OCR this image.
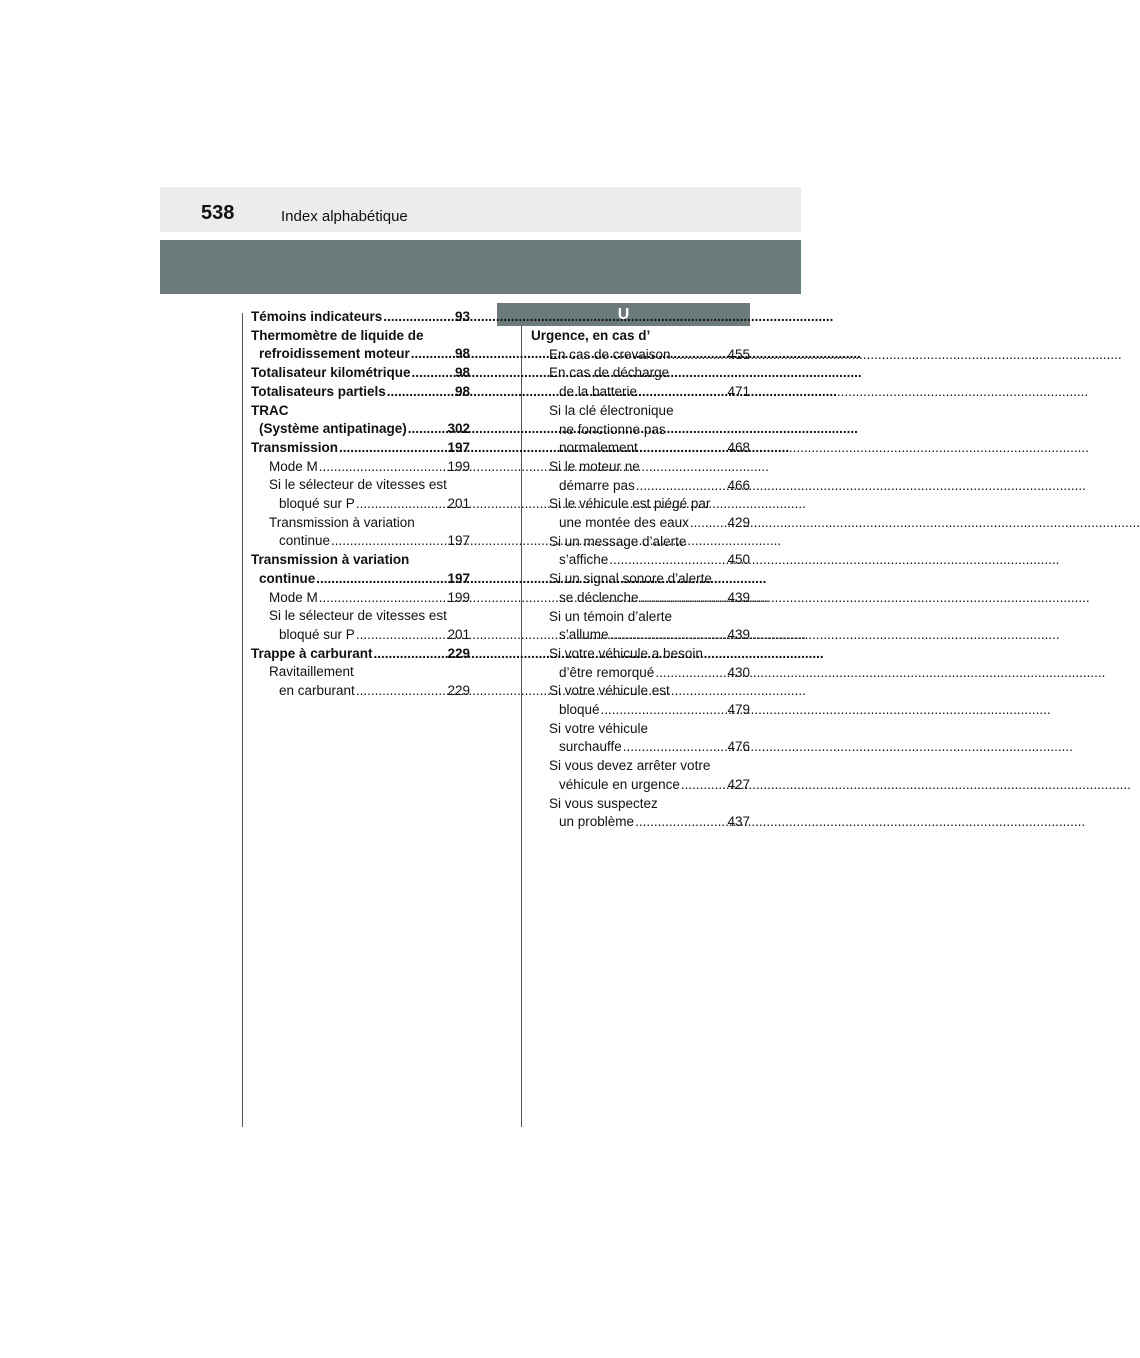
538	Index alphabétique
U
Témoins indicateurs .....	93
Thermomètre de liquide de
refroidissement moteur .....	98
Totalisateur kilométrique .....	98
Totalisateurs partiels .....	98
TRAC
(Système antipatinage) .....	302
Transmission .....	197
Mode M .....	199
Si le sélecteur de vitesses est
bloqué sur P .....	201
Transmission à variation
continue .....	197
Transmission à variation
continue .....	197
Mode M .....	199
Si le sélecteur de vitesses est
bloqué sur P .....	201
Trappe à carburant .....	229
Ravitaillement
en carburant .....	229
Urgence, en cas d’
En cas de crevaison .....	455
En cas de décharge
de la batterie .....	471
Si la clé électronique
ne fonctionne pas
normalement .....	468
Si le moteur ne
démarre pas .....	466
Si le véhicule est piégé par
une montée des eaux .....	429
Si un message d’alerte
s’affiche .....	450
Si un signal sonore d’alerte
se déclenche .....	439
Si un témoin d’alerte
s’allume .....	439
Si votre véhicule a besoin
d’être remorqué .....	430
Si votre véhicule est
bloqué .....	479
Si votre véhicule
surchauffe .....	476
Si vous devez arrêter votre
véhicule en urgence .....	427
Si vous suspectez
un problème .....	437
